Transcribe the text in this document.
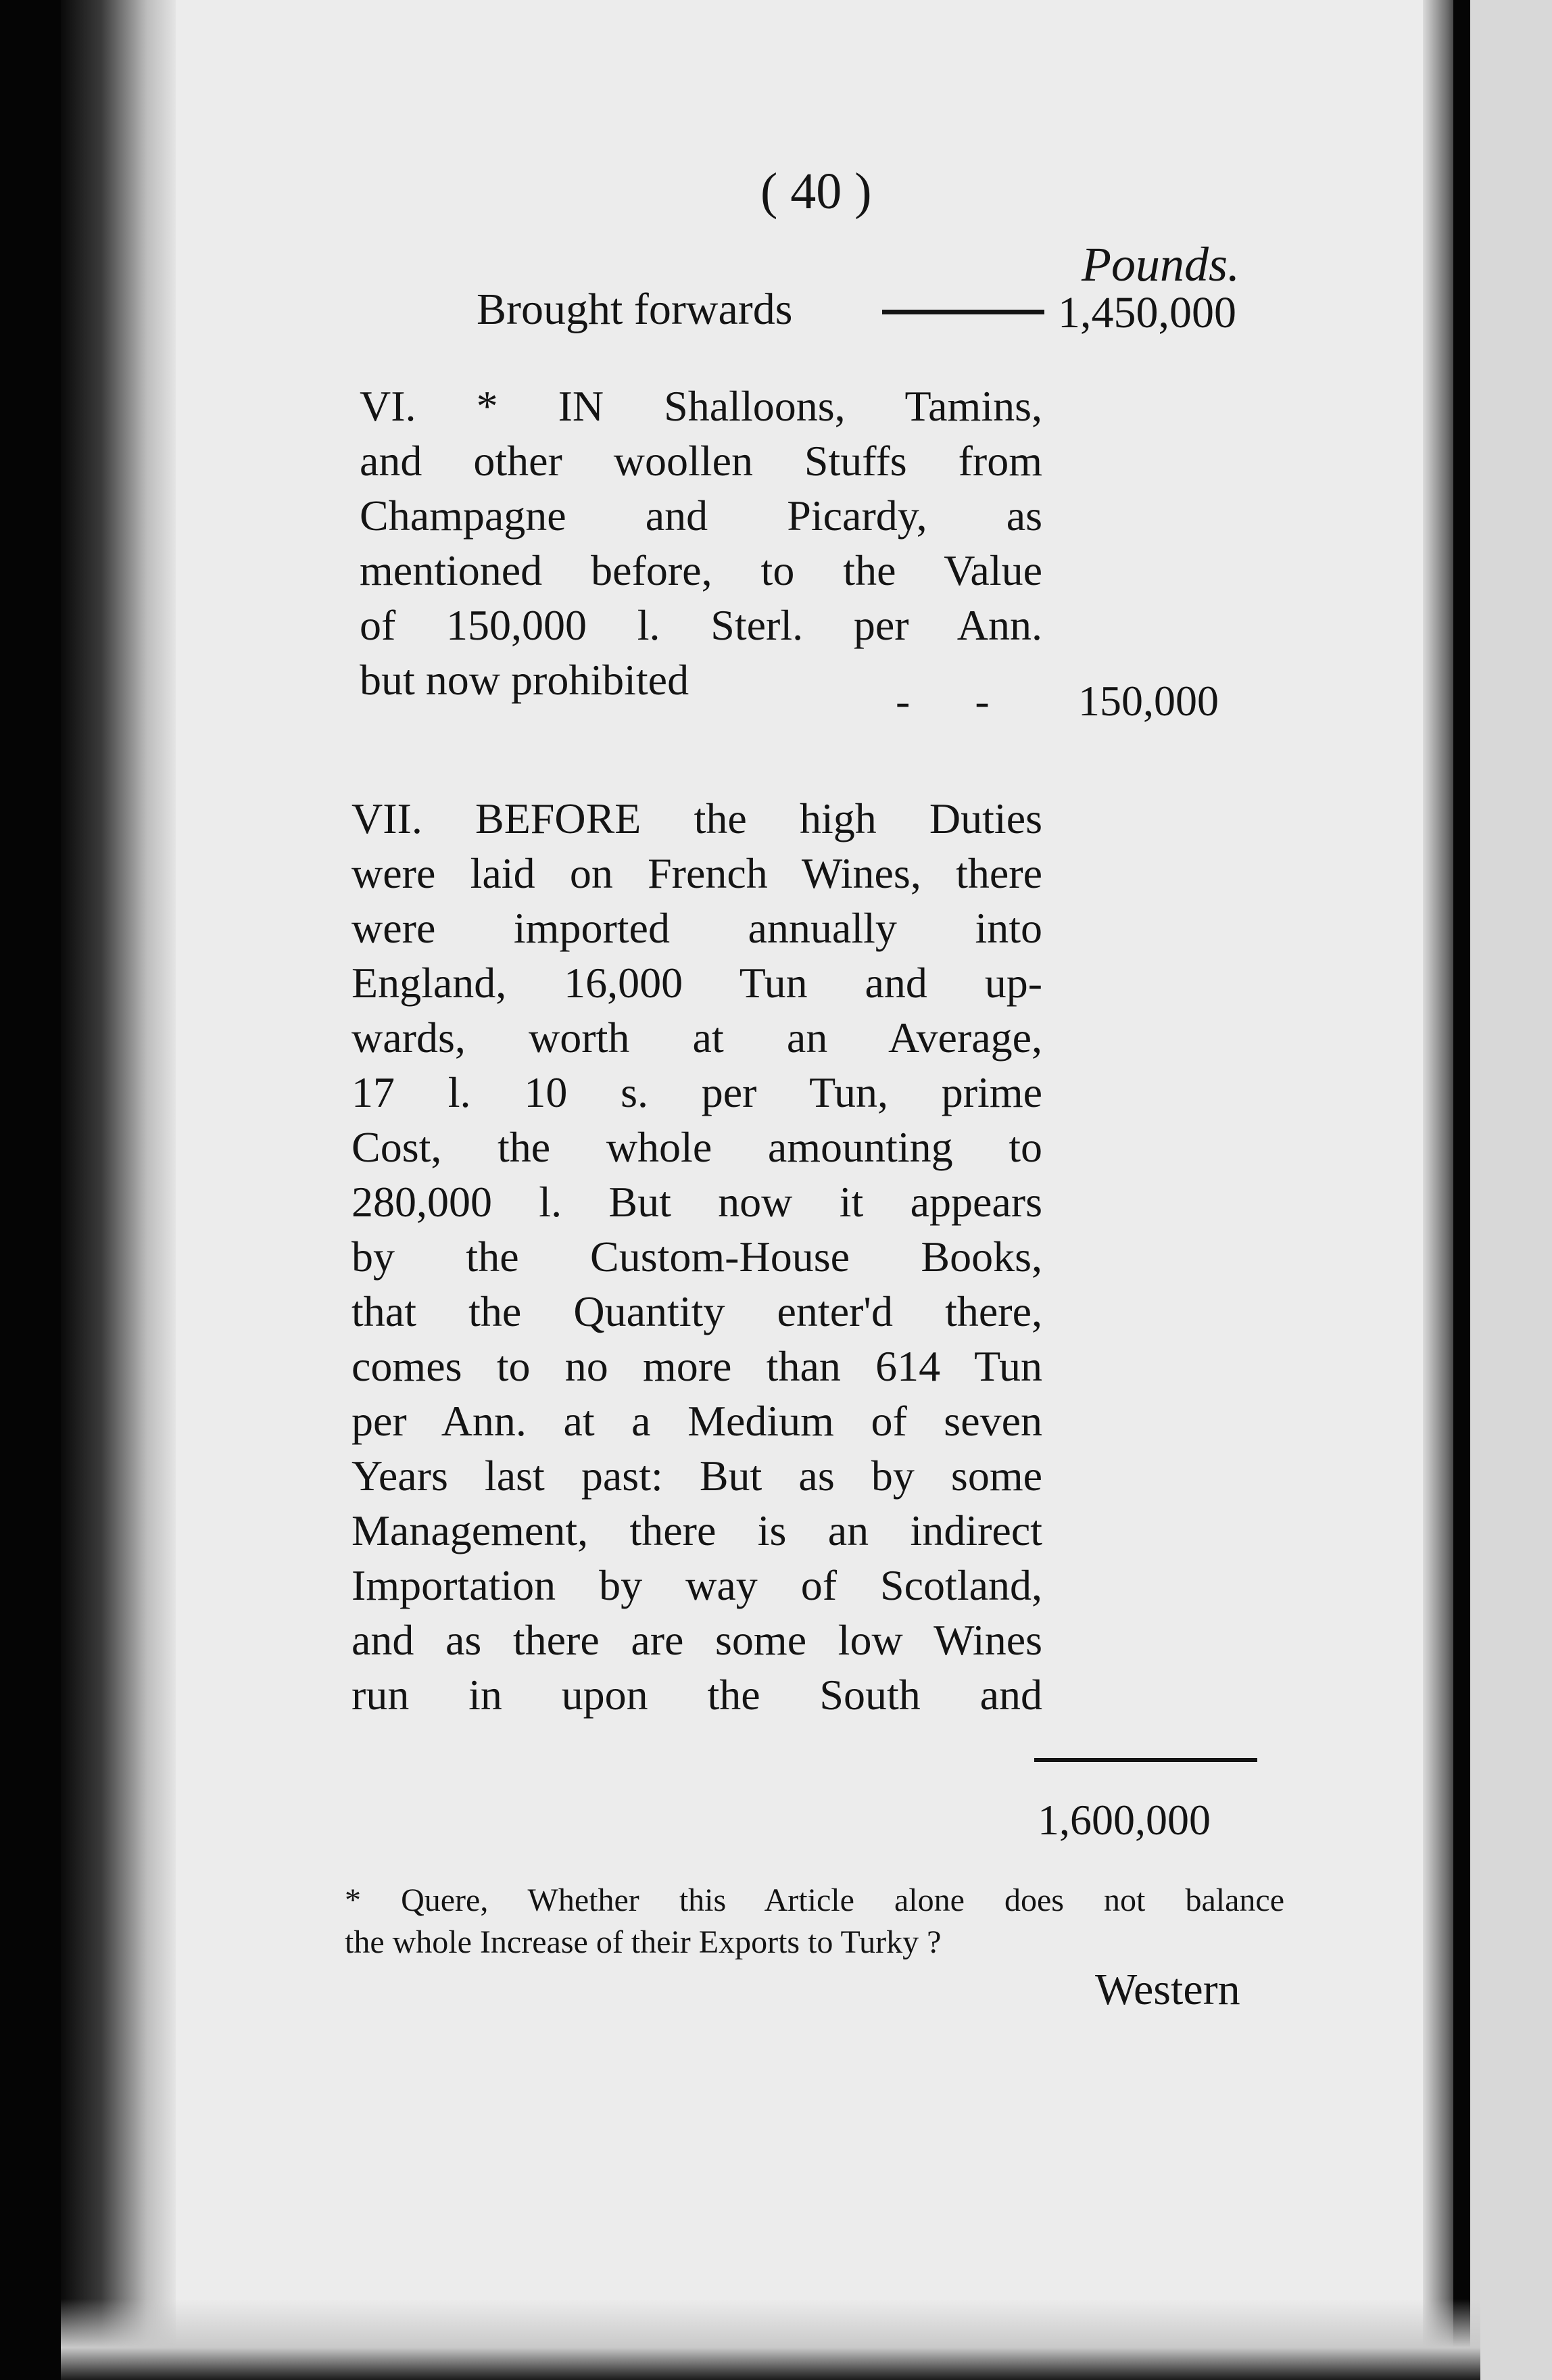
( 40 )
Pounds.
Brought forwards	1,450,000
VI. * IN Shalloons, Tamins,
and other woollen Stuffs from
Champagne and Picardy, as
mentioned before, to the Value
of 150,000 l. Sterl. per Ann.
but now prohibited	- - 150,000
VII. BEFORE the high Duties
were laid on French Wines, there
were imported annually into
England, 16,000 Tun and up-
wards, worth at an Average,
17 l. 10 s. per Tun, prime
Cost, the whole amounting to
280,000 l. But now it appears
by the Custom-House Books,
that the Quantity enter'd there,
comes to no more than 614 Tun
per Ann. at a Medium of seven
Years last past: But as by some
Management, there is an indirect
Importation by way of Scotland,
and as there are some low Wines
run in upon the South and
1,600,000
* Quere, Whether this Article alone does not balance
the whole Increase of their Exports to Turky ?
Western
